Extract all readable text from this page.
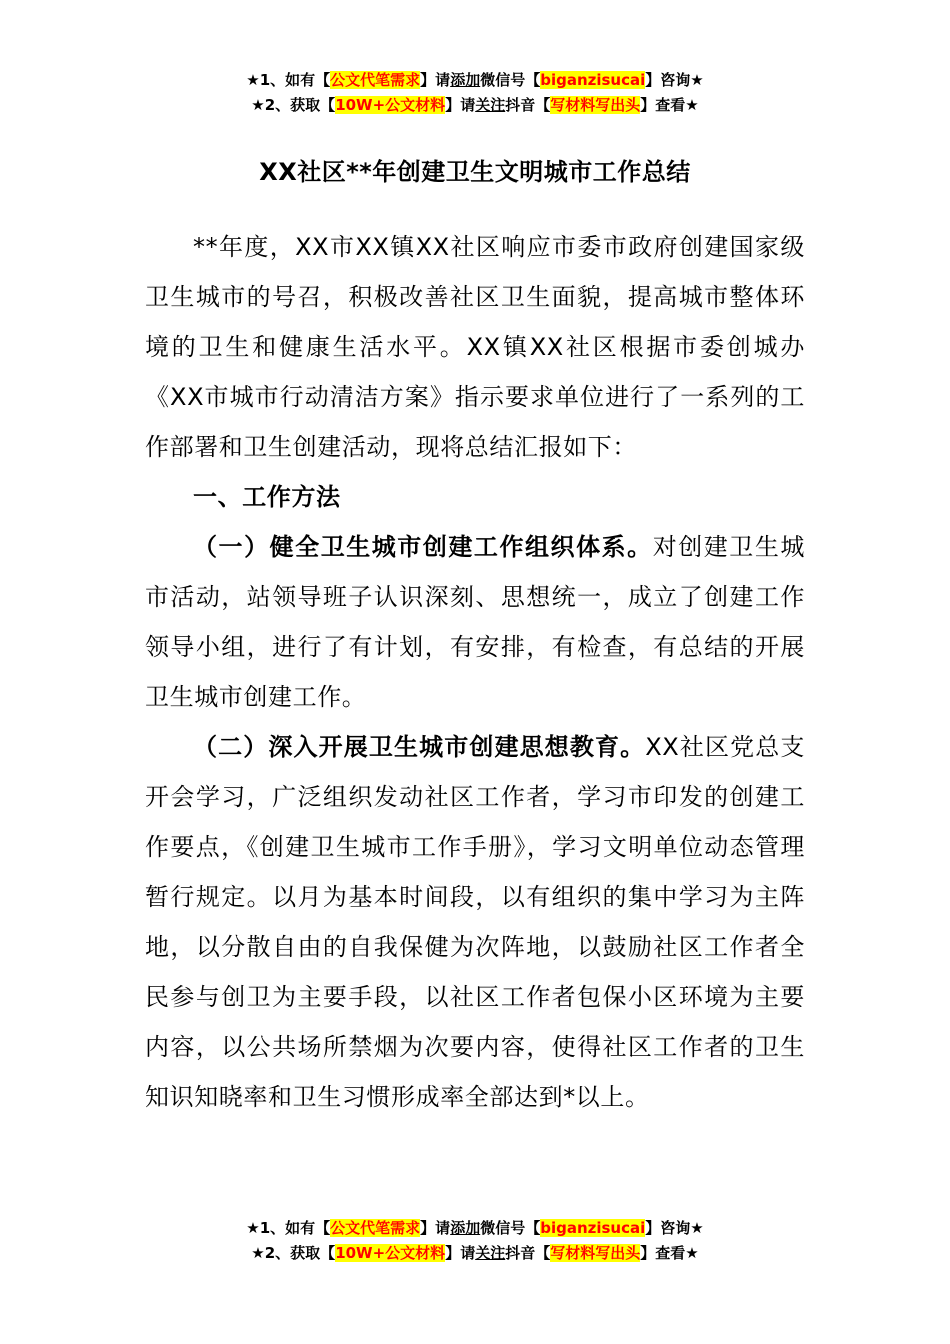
★1、如有【公文代笔需求】请添加微信号【biganzisucai】咨询★
★2、获取【10W+公文材料】请关注抖音【写材料写出头】查看★
XX社区**年创建卫生文明城市工作总结

**年度，XX市XX镇XX社区响应市委市政府创建国家级卫生城市的号召，积极改善社区卫生面貌，提高城市整体环境的卫生和健康生活水平。XX镇XX社区根据市委创城办《XX市城市行动清洁方案》指示要求单位进行了一系列的工作部署和卫生创建活动，现将总结汇报如下：

一、工作方法

（一）健全卫生城市创建工作组织体系。对创建卫生城市活动，站领导班子认识深刻、思想统一，成立了创建工作领导小组，进行了有计划，有安排，有检查，有总结的开展卫生城市创建工作。

（二）深入开展卫生城市创建思想教育。XX社区党总支开会学习，广泛组织发动社区工作者，学习市印发的创建工作要点，《创建卫生城市工作手册》，学习文明单位动态管理暂行规定。以月为基本时间段，以有组织的集中学习为主阵地，以分散自由的自我保健为次阵地，以鼓励社区工作者全民参与创卫为主要手段，以社区工作者包保小区环境为主要内容，以公共场所禁烟为次要内容，使得社区工作者的卫生知识知晓率和卫生习惯形成率全部达到*以上。

★1、如有【公文代笔需求】请添加微信号【biganzisucai】咨询★
★2、获取【10W+公文材料】请关注抖音【写材料写出头】查看★
